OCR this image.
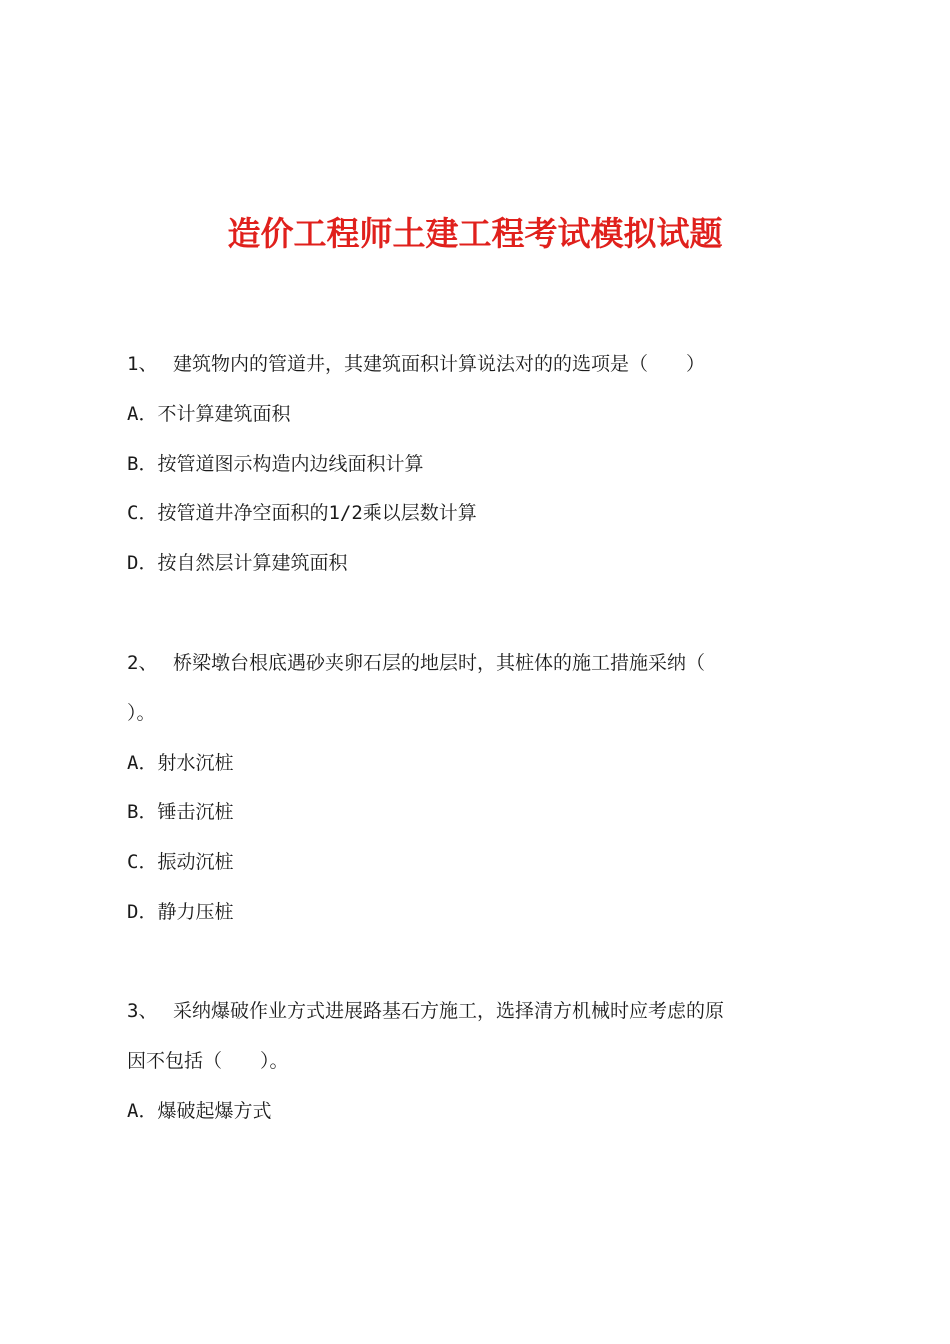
造价工程师土建工程考试模拟试题
1、 建筑物内的管道井，其建筑面积计算说法对的的选项是（　　）
A．不计算建筑面积
B．按管道图示构造内边线面积计算
C．按管道井净空面积的1/2乘以层数计算
D．按自然层计算建筑面积
2、 桥梁墩台根底遇砂夹卵石层的地层时，其桩体的施工措施采纳（
）。
A．射水沉桩
B．锤击沉桩
C．振动沉桩
D．静力压桩
3、 采纳爆破作业方式进展路基石方施工，选择清方机械时应考虑的原
因不包括（　　）。
A．爆破起爆方式
